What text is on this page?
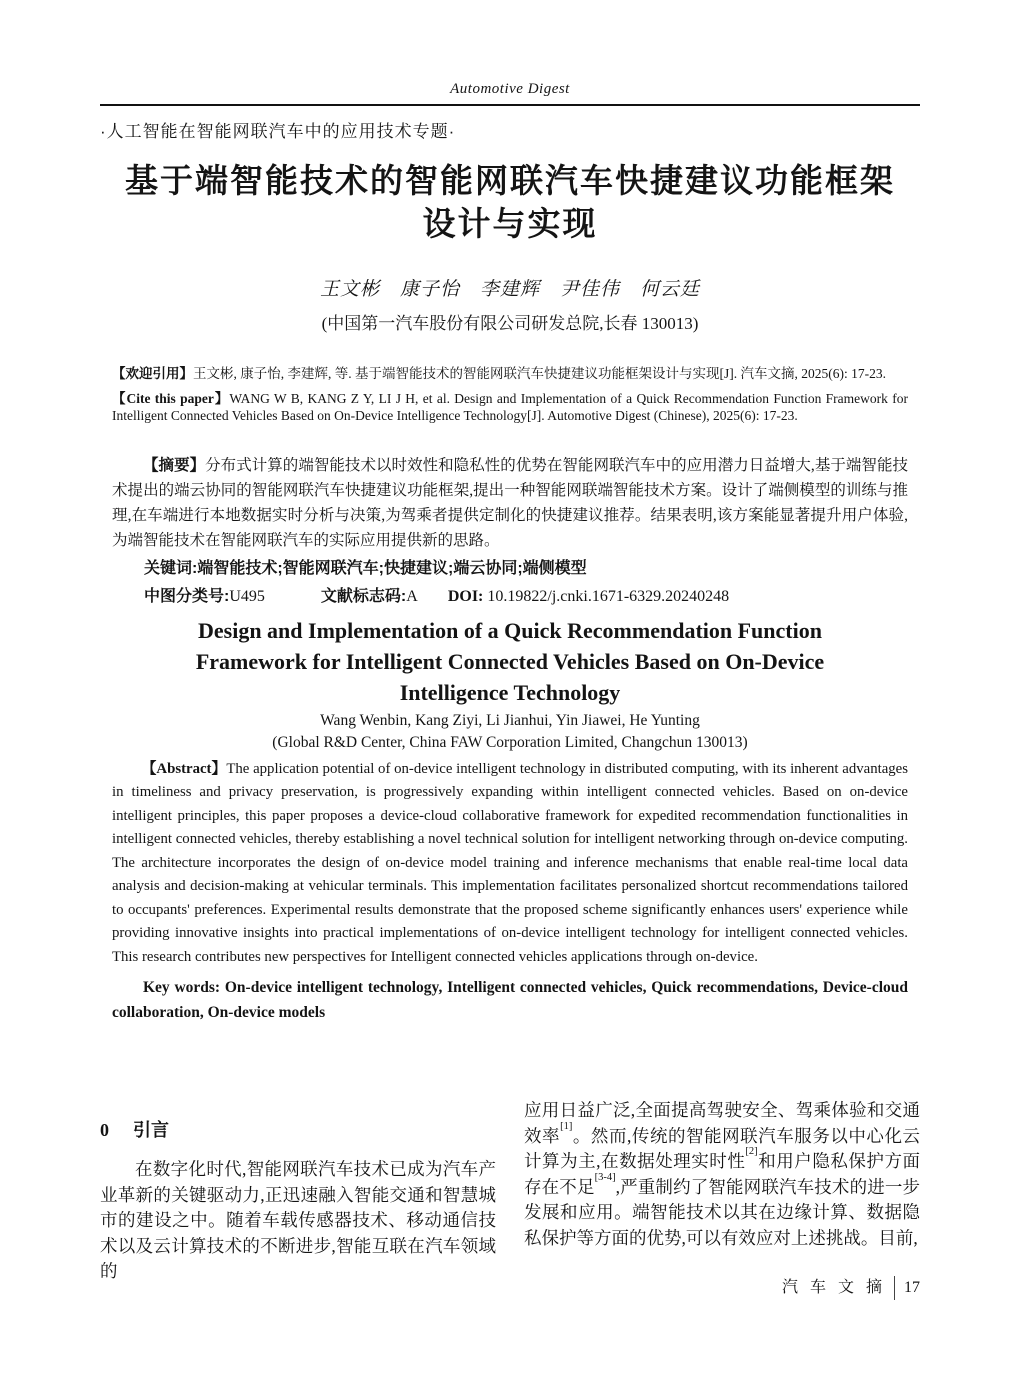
Automotive Digest
·人工智能在智能网联汽车中的应用技术专题·
基于端智能技术的智能网联汽车快捷建议功能框架
设计与实现
王文彬　康子怡　李建辉　尹佳伟　何云廷
(中国第一汽车股份有限公司研发总院,长春 130013)
【欢迎引用】王文彬, 康子怡, 李建辉, 等. 基于端智能技术的智能网联汽车快捷建议功能框架设计与实现[J]. 汽车文摘, 2025(6): 17-23.
【Cite this paper】WANG W B, KANG Z Y, LI J H, et al. Design and Implementation of a Quick Recommendation Function Framework for Intelligent Connected Vehicles Based on On-Device Intelligence Technology[J]. Automotive Digest (Chinese), 2025(6): 17-23.
【摘要】分布式计算的端智能技术以时效性和隐私性的优势在智能网联汽车中的应用潜力日益增大,基于端智能技术提出的端云协同的智能网联汽车快捷建议功能框架,提出一种智能网联端智能技术方案。设计了端侧模型的训练与推理,在车端进行本地数据实时分析与决策,为驾乘者提供定制化的快捷建议推荐。结果表明,该方案能显著提升用户体验,为端智能技术在智能网联汽车的实际应用提供新的思路。
关键词:端智能技术;智能网联汽车;快捷建议;端云协同;端侧模型
中图分类号:U495	文献标志码:A DOI: 10.19822/j.cnki.1671-6329.20240248
Design and Implementation of a Quick Recommendation Function
Framework for Intelligent Connected Vehicles Based on On-Device
Intelligence Technology
Wang Wenbin, Kang Ziyi, Li Jianhui, Yin Jiawei, He Yunting
(Global R&D Center, China FAW Corporation Limited, Changchun 130013)
【Abstract】The application potential of on-device intelligent technology in distributed computing, with its inherent advantages in timeliness and privacy preservation, is progressively expanding within intelligent connected vehicles. Based on on-device intelligent principles, this paper proposes a device-cloud collaborative framework for expedited recommendation functionalities in intelligent connected vehicles, thereby establishing a novel technical solution for intelligent networking through on-device computing. The architecture incorporates the design of on-device model training and inference mechanisms that enable real-time local data analysis and decision-making at vehicular terminals. This implementation facilitates personalized shortcut recommendations tailored to occupants' preferences. Experimental results demonstrate that the proposed scheme significantly enhances users' experience while providing innovative insights into practical implementations of on-device intelligent technology for intelligent connected vehicles. This research contributes new perspectives for Intelligent connected vehicles applications through on-device.
Key words: On-device intelligent technology, Intelligent connected vehicles, Quick recommendations, Device-cloud collaboration, On-device models
0 引言
在数字化时代,智能网联汽车技术已成为汽车产业革新的关键驱动力,正迅速融入智能交通和智慧城市的建设之中。随着车载传感器技术、移动通信技术以及云计算技术的不断进步,智能互联在汽车领域的
应用日益广泛,全面提高驾驶安全、驾乘体验和交通效率[1]。然而,传统的智能网联汽车服务以中心化云计算为主,在数据处理实时性[2]和用户隐私保护方面存在不足[3-4],严重制约了智能网联汽车技术的进一步发展和应用。端智能技术以其在边缘计算、数据隐私保护等方面的优势,可以有效应对上述挑战。目前,
汽车文摘 17
